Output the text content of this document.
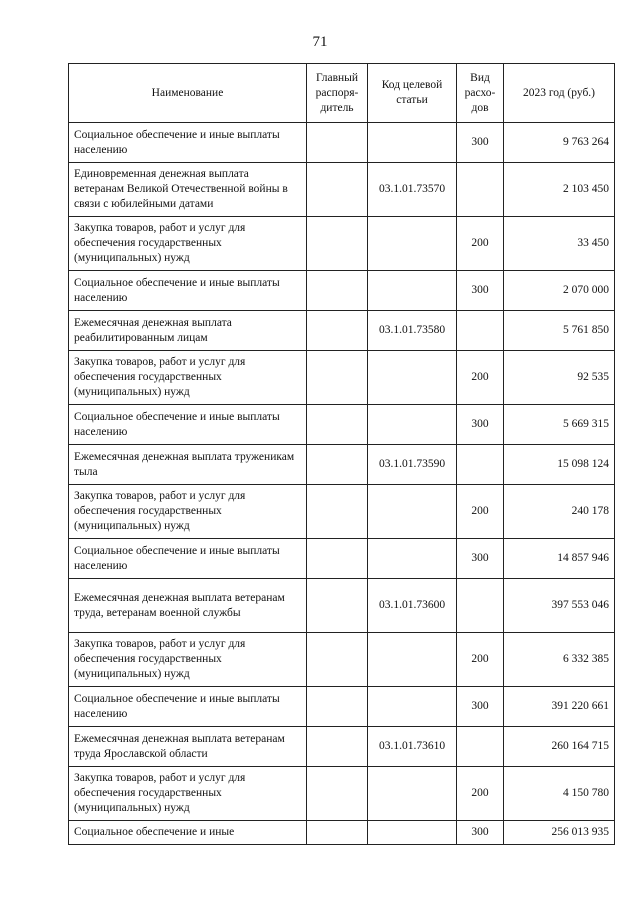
71
Наименование	Главный распоря-дитель	Код целевой статьи	Вид расхо-дов	2023 год (руб.)
Социальное обеспечение и иные выплаты населению			300	9 763 264
Единовременная денежная выплата ветеранам Великой Отечественной войны в связи с юбилейными датами		03.1.01.73570		2 103 450
Закупка товаров, работ и услуг для обеспечения государственных (муниципальных) нужд			200	33 450
Социальное обеспечение и иные выплаты населению			300	2 070 000
Ежемесячная денежная выплата реабилитированным лицам		03.1.01.73580		5 761 850
Закупка товаров, работ и услуг для обеспечения государственных (муниципальных) нужд			200	92 535
Социальное обеспечение и иные выплаты населению			300	5 669 315
Ежемесячная денежная выплата труженикам тыла		03.1.01.73590		15 098 124
Закупка товаров, работ и услуг для обеспечения государственных (муниципальных) нужд			200	240 178
Социальное обеспечение и иные выплаты населению			300	14 857 946
Ежемесячная денежная выплата ветеранам труда, ветеранам военной службы		03.1.01.73600		397 553 046
Закупка товаров, работ и услуг для обеспечения государственных (муниципальных) нужд			200	6 332 385
Социальное обеспечение и иные выплаты населению			300	391 220 661
Ежемесячная денежная выплата ветеранам труда Ярославской области		03.1.01.73610		260 164 715
Закупка товаров, работ и услуг для обеспечения государственных (муниципальных) нужд			200	4 150 780
Социальное обеспечение и иные			300	256 013 935
